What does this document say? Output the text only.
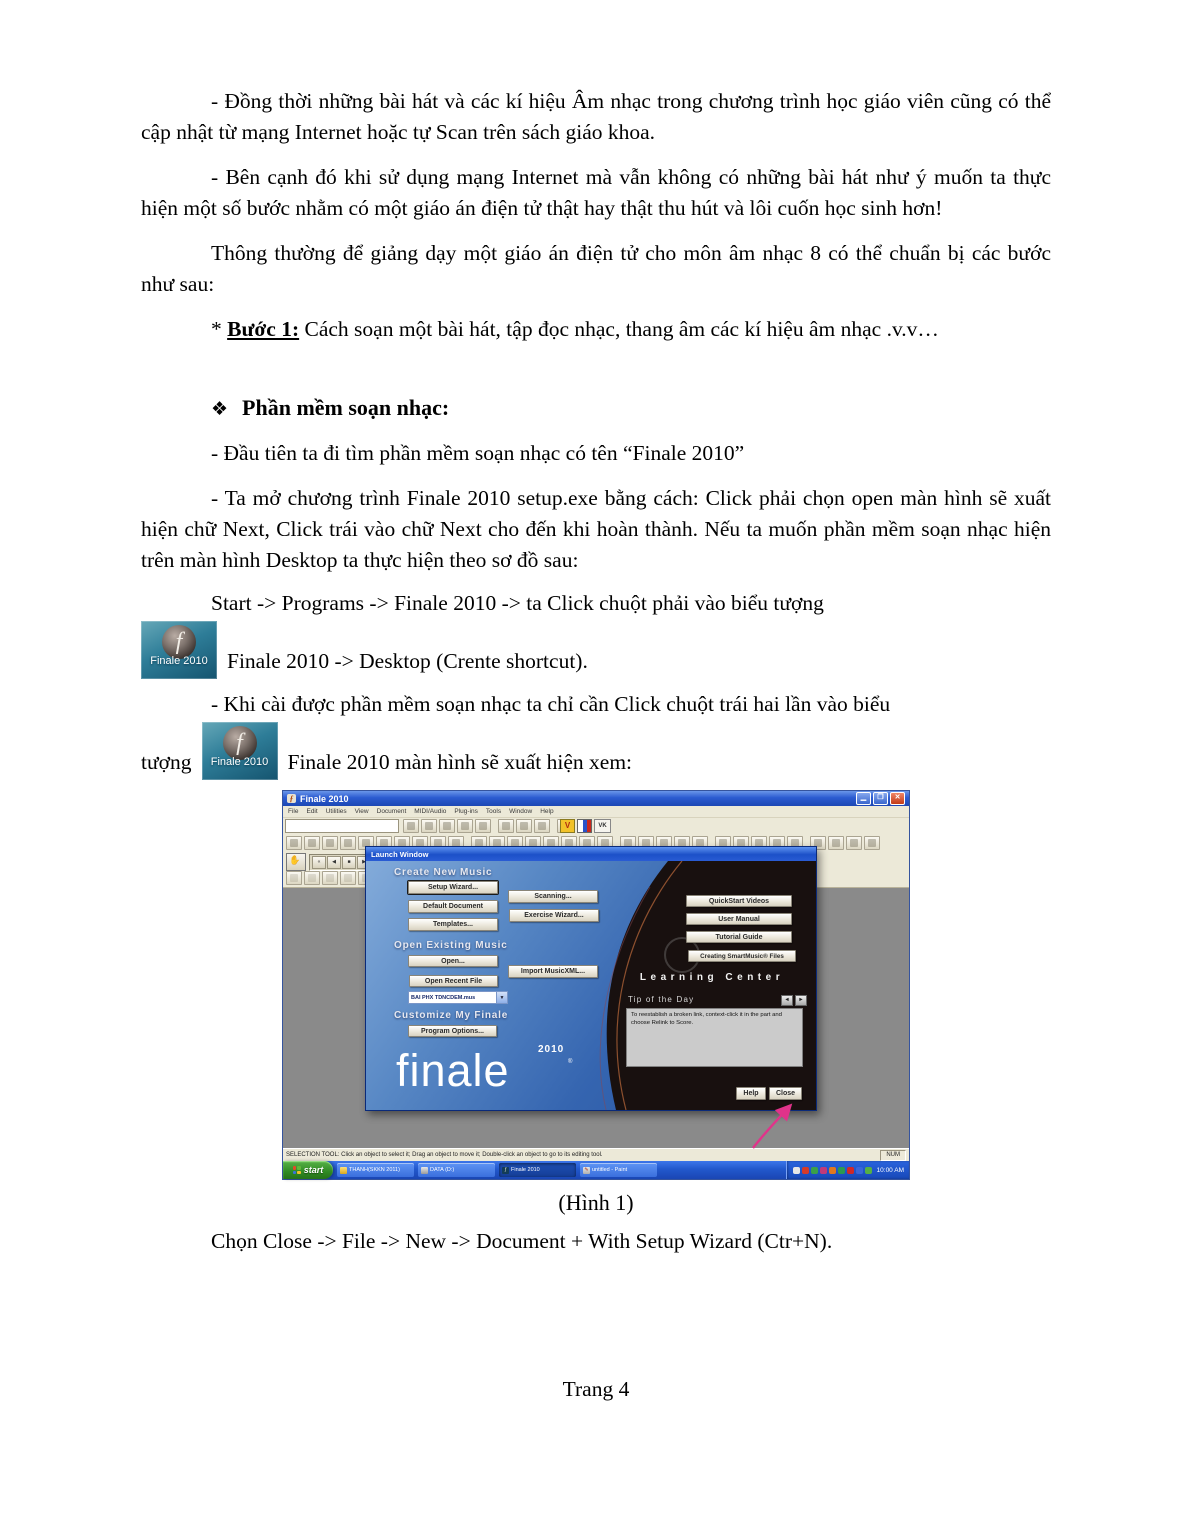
- Đồng thời những bài hát và các kí hiệu Âm nhạc trong chương trình học giáo viên cũng có thể cập nhật từ mạng Internet hoặc tự Scan trên sách giáo khoa.

- Bên cạnh đó khi sử dụng mạng Internet mà vẫn không có những bài hát như ý muốn ta thực hiện một số bước nhằm có một giáo án điện tử thật hay thật thu hút và lôi cuốn học sinh hơn!

Thông thường để giảng dạy một giáo án điện tử cho môn âm nhạc 8 có thể chuẩn bị các bước như sau:

* Bước 1: Cách soạn một bài hát, tập đọc nhạc, thang âm các kí hiệu âm nhạc .v.v…

❖ Phần mềm soạn nhạc:

- Đầu tiên ta đi tìm phần mềm soạn nhạc có tên “Finale 2010”

- Ta mở chương trình Finale 2010 setup.exe bằng cách: Click phải chọn open màn hình sẽ xuất hiện chữ Next, Click trái vào chữ Next cho đến khi hoàn thành. Nếu ta muốn phần mềm soạn nhạc hiện trên màn hình Desktop ta thực hiện theo sơ đồ sau:

Start -> Programs -> Finale 2010 -> ta Click chuột phải vào biểu tượng

f
Finale 2010 Finale 2010 -> Desktop (Crente shortcut).

- Khi cài được phần mềm soạn nhạc ta chỉ cần Click chuột trái hai lần vào biểu

tượng
f
Finale 2010 Finale 2010 màn hình sẽ xuất hiện xem:
ƒ Finale 2010	▁	❐	✕
File Edit Utilities View Document MIDI/Audio Plug-ins Tools Window Help
V	VK
✋
«	◀	■	▶
Launch Window
Create New Music
Setup Wizard...
Scanning...
Default Document
Exercise Wizard...
Templates...
QuickStart Videos
User Manual
Tutorial Guide
Creating SmartMusic® Files
Open Existing Music
Open...
Import MusicXML...
Open Recent File
BAI PHX TDNCDEM.mus	▼
Learning Center
Tip of the Day	◄	►
To reestablish a broken link, context-click it in the part and choose Relink to Score.
Customize My Finale
Program Options...
finale	2010
®
Help	Close
SELECTION TOOL: Click an object to select it; Drag an object to move it; Double-click an object to go to its editing tool.	NUM
start	THANH(SKKN 2011)	DATA (D:)	f Finale 2010	✎ untitled - Paint	10:00 AM

(Hình 1)

Chọn Close -> File -> New -> Document + With Setup Wizard (Ctr+N).

Trang 4
